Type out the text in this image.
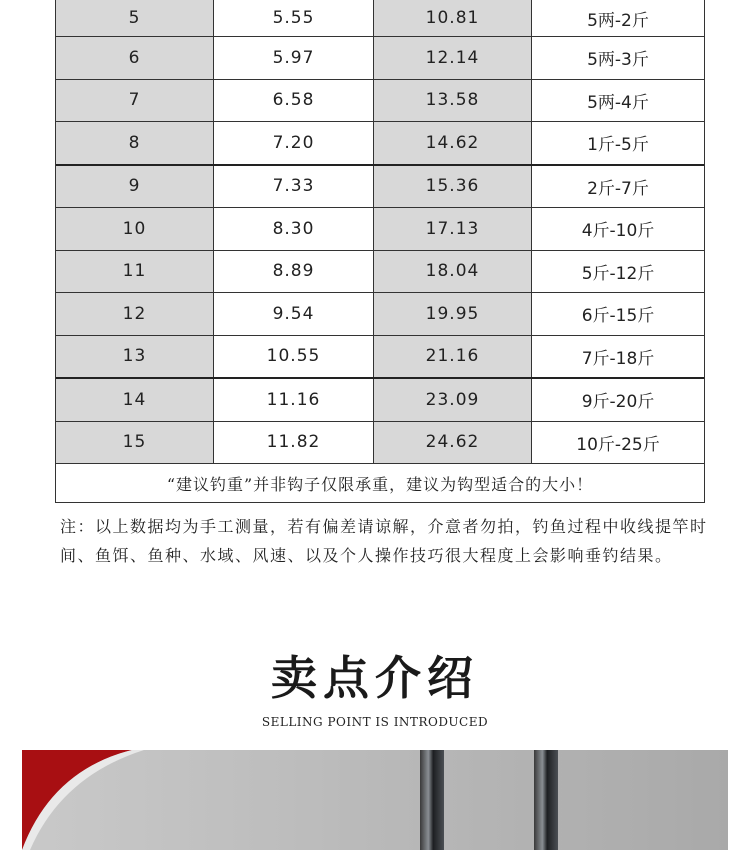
5	5.55	10.81	5两-2斤
6	5.97	12.14	5两-3斤
7	6.58	13.58	5两-4斤
8	7.20	14.62	1斤-5斤
9	7.33	15.36	2斤-7斤
10	8.30	17.13	4斤-10斤
11	8.89	18.04	5斤-12斤
12	9.54	19.95	6斤-15斤
13	10.55	21.16	7斤-18斤
14	11.16	23.09	9斤-20斤
15	11.82	24.62	10斤-25斤
“建议钓重”并非钩子仅限承重，建议为钩型适合的大小！
注：以上数据均为手工测量，若有偏差请谅解，介意者勿拍，钓鱼过程中收线提竿时间、鱼饵、鱼种、水域、风速、以及个人操作技巧很大程度上会影响垂钓结果。
卖点介绍
SELLING POINT IS INTRODUCED
